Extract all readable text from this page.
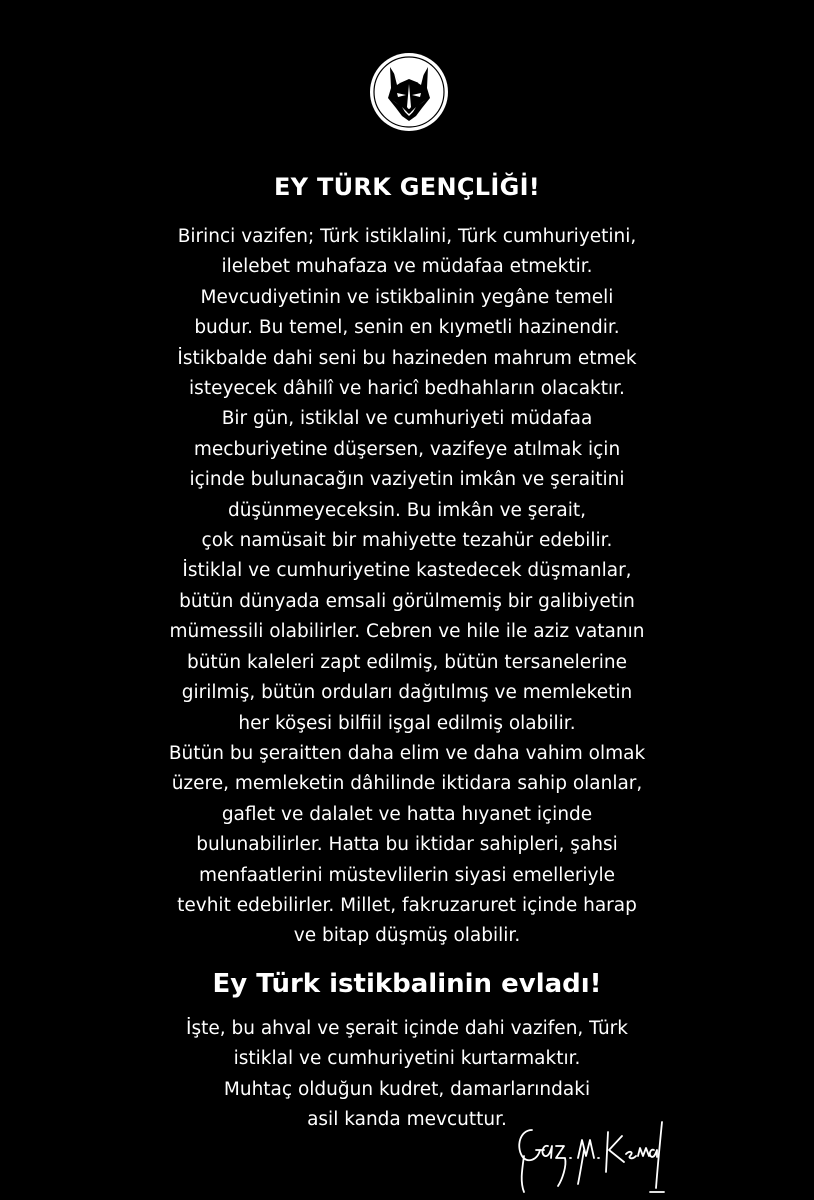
EY TÜRK GENÇLİĞİ!
Birinci vazifen; Türk istiklalini, Türk cumhuriyetini,
ilelebet muhafaza ve müdafaa etmektir.
Mevcudiyetinin ve istikbalinin yegâne temeli
budur. Bu temel, senin en kıymetli hazinendir.
İstikbalde dahi seni bu hazineden mahrum etmek
isteyecek dâhilî ve haricî bedhahların olacaktır.
Bir gün, istiklal ve cumhuriyeti müdafaa
mecburiyetine düşersen, vazifeye atılmak için
içinde bulunacağın vaziyetin imkân ve şeraitini
düşünmeyeceksin. Bu imkân ve şerait,
çok namüsait bir mahiyette tezahür edebilir.
İstiklal ve cumhuriyetine kastedecek düşmanlar,
bütün dünyada emsali görülmemiş bir galibiyetin
mümessili olabilirler. Cebren ve hile ile aziz vatanın
bütün kaleleri zapt edilmiş, bütün tersanelerine
girilmiş, bütün orduları dağıtılmış ve memleketin
her köşesi bilfiil işgal edilmiş olabilir.
Bütün bu şeraitten daha elim ve daha vahim olmak
üzere, memleketin dâhilinde iktidara sahip olanlar,
gaflet ve dalalet ve hatta hıyanet içinde
bulunabilirler. Hatta bu iktidar sahipleri, şahsi
menfaatlerini müstevlilerin siyasi emelleriyle
tevhit edebilirler. Millet, fakruzaruret içinde harap
ve bitap düşmüş olabilir.
Ey Türk istikbalinin evladı!
İşte, bu ahval ve şerait içinde dahi vazifen, Türk
istiklal ve cumhuriyetini kurtarmaktır.
Muhtaç olduğun kudret, damarlarındaki
asil kanda mevcuttur.
